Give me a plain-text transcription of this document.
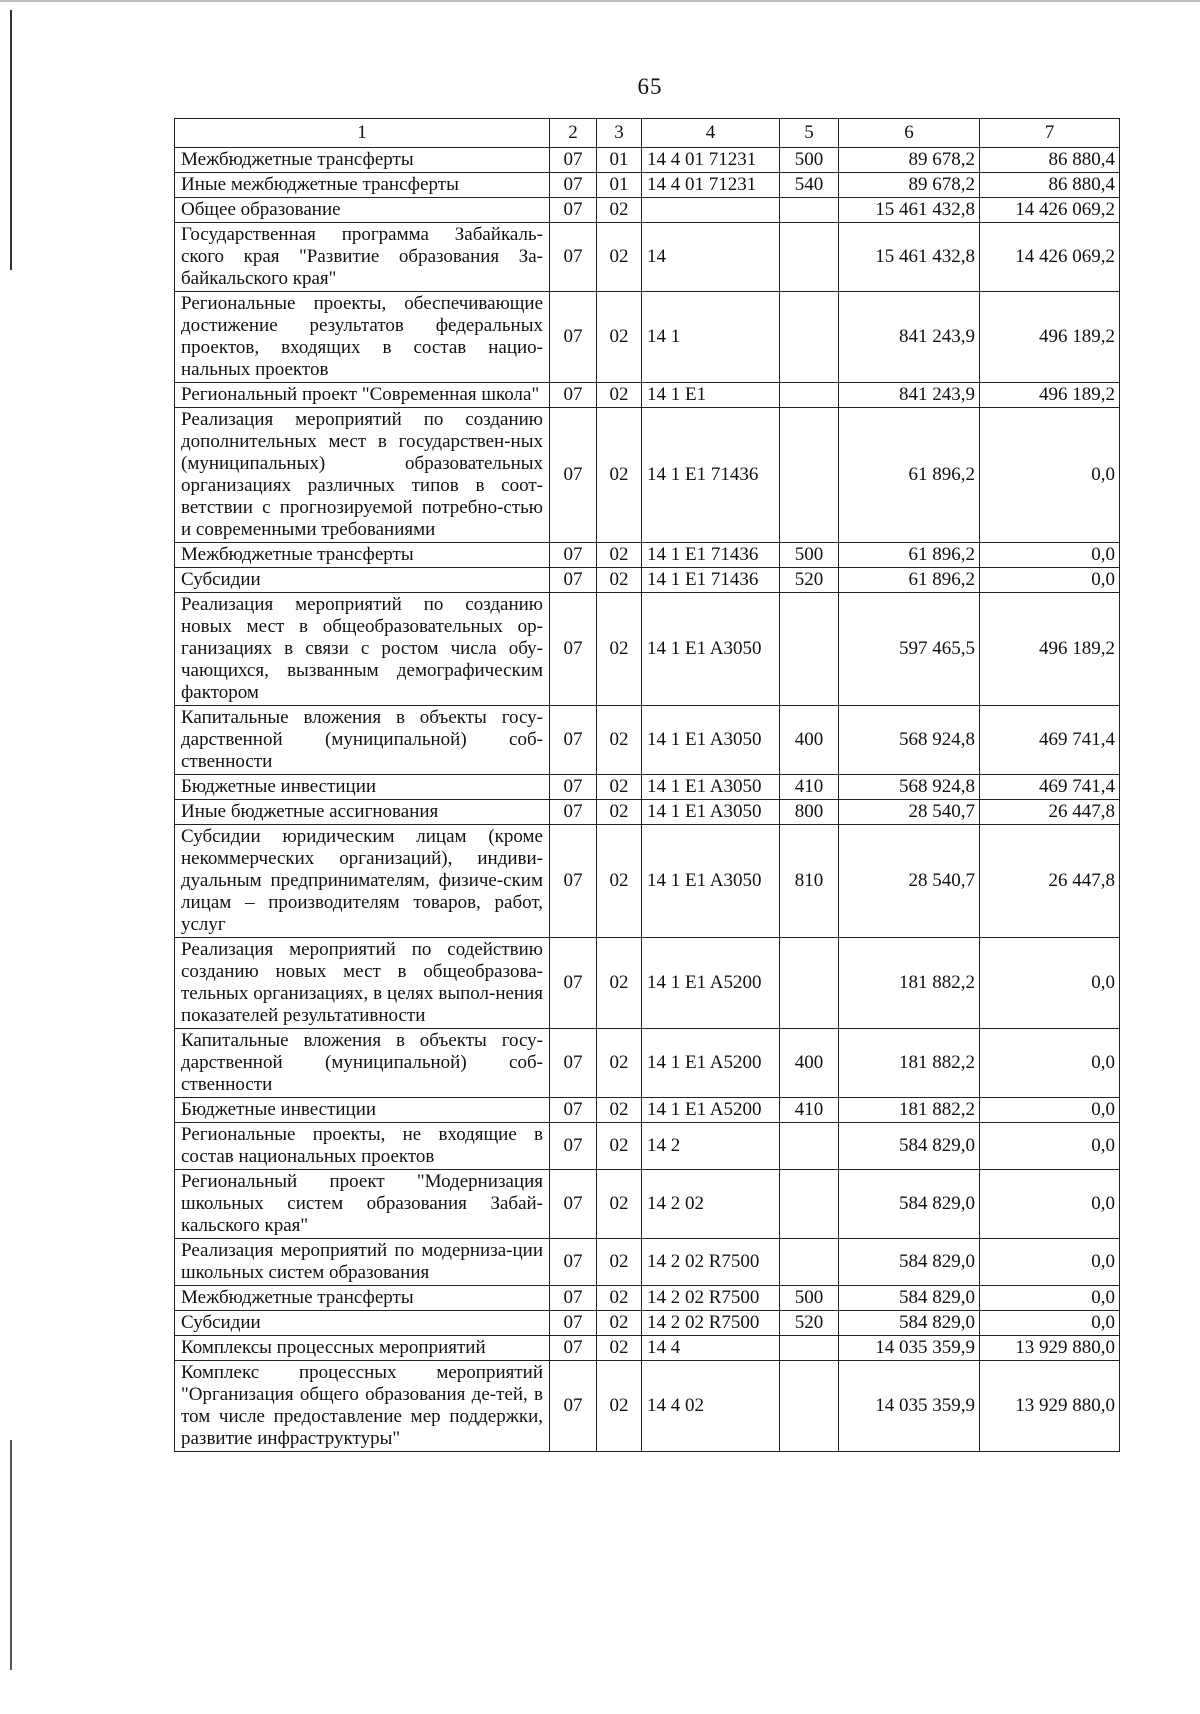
65
1	2	3	4	5	6	7
Межбюджетные трансферты	07	01	14 4 01 71231	500	89 678,2	86 880,4
Иные межбюджетные трансферты	07	01	14 4 01 71231	540	89 678,2	86 880,4
Общее образование	07	02			15 461 432,8	14 426 069,2
Государственная программа Забайкаль-ского края "Развитие образования За-байкальского края"	07	02	14		15 461 432,8	14 426 069,2
Региональные проекты, обеспечивающие достижение результатов федеральных проектов, входящих в состав нацио-нальных проектов	07	02	14 1		841 243,9	496 189,2
Региональный проект "Современная школа"	07	02	14 1 E1		841 243,9	496 189,2
Реализация мероприятий по созданию дополнительных мест в государствен-ных (муниципальных) образовательных организациях различных типов в соот-ветствии с прогнозируемой потребно-стью и современными требованиями	07	02	14 1 E1 71436		61 896,2	0,0
Межбюджетные трансферты	07	02	14 1 E1 71436	500	61 896,2	0,0
Субсидии	07	02	14 1 E1 71436	520	61 896,2	0,0
Реализация мероприятий по созданию новых мест в общеобразовательных ор-ганизациях в связи с ростом числа обу-чающихся, вызванным демографическим фактором	07	02	14 1 E1 A3050		597 465,5	496 189,2
Капитальные вложения в объекты госу-дарственной (муниципальной) соб-ственности	07	02	14 1 E1 A3050	400	568 924,8	469 741,4
Бюджетные инвестиции	07	02	14 1 E1 A3050	410	568 924,8	469 741,4
Иные бюджетные ассигнования	07	02	14 1 E1 A3050	800	28 540,7	26 447,8
Субсидии юридическим лицам (кроме некоммерческих организаций), индиви-дуальным предпринимателям, физиче-ским лицам – производителям товаров, работ, услуг	07	02	14 1 E1 A3050	810	28 540,7	26 447,8
Реализация мероприятий по содействию созданию новых мест в общеобразова-тельных организациях, в целях выпол-нения показателей результативности	07	02	14 1 E1 A5200		181 882,2	0,0
Капитальные вложения в объекты госу-дарственной (муниципальной) соб-ственности	07	02	14 1 E1 A5200	400	181 882,2	0,0
Бюджетные инвестиции	07	02	14 1 E1 A5200	410	181 882,2	0,0
Региональные проекты, не входящие в состав национальных проектов	07	02	14 2		584 829,0	0,0
Региональный проект "Модернизация школьных систем образования Забай-кальского края"	07	02	14 2 02		584 829,0	0,0
Реализация мероприятий по модерниза-ции школьных систем образования	07	02	14 2 02 R7500		584 829,0	0,0
Межбюджетные трансферты	07	02	14 2 02 R7500	500	584 829,0	0,0
Субсидии	07	02	14 2 02 R7500	520	584 829,0	0,0
Комплексы процессных мероприятий	07	02	14 4		14 035 359,9	13 929 880,0
Комплекс процессных мероприятий "Организация общего образования де-тей, в том числе предоставление мер поддержки, развитие инфраструктуры"	07	02	14 4 02		14 035 359,9	13 929 880,0
